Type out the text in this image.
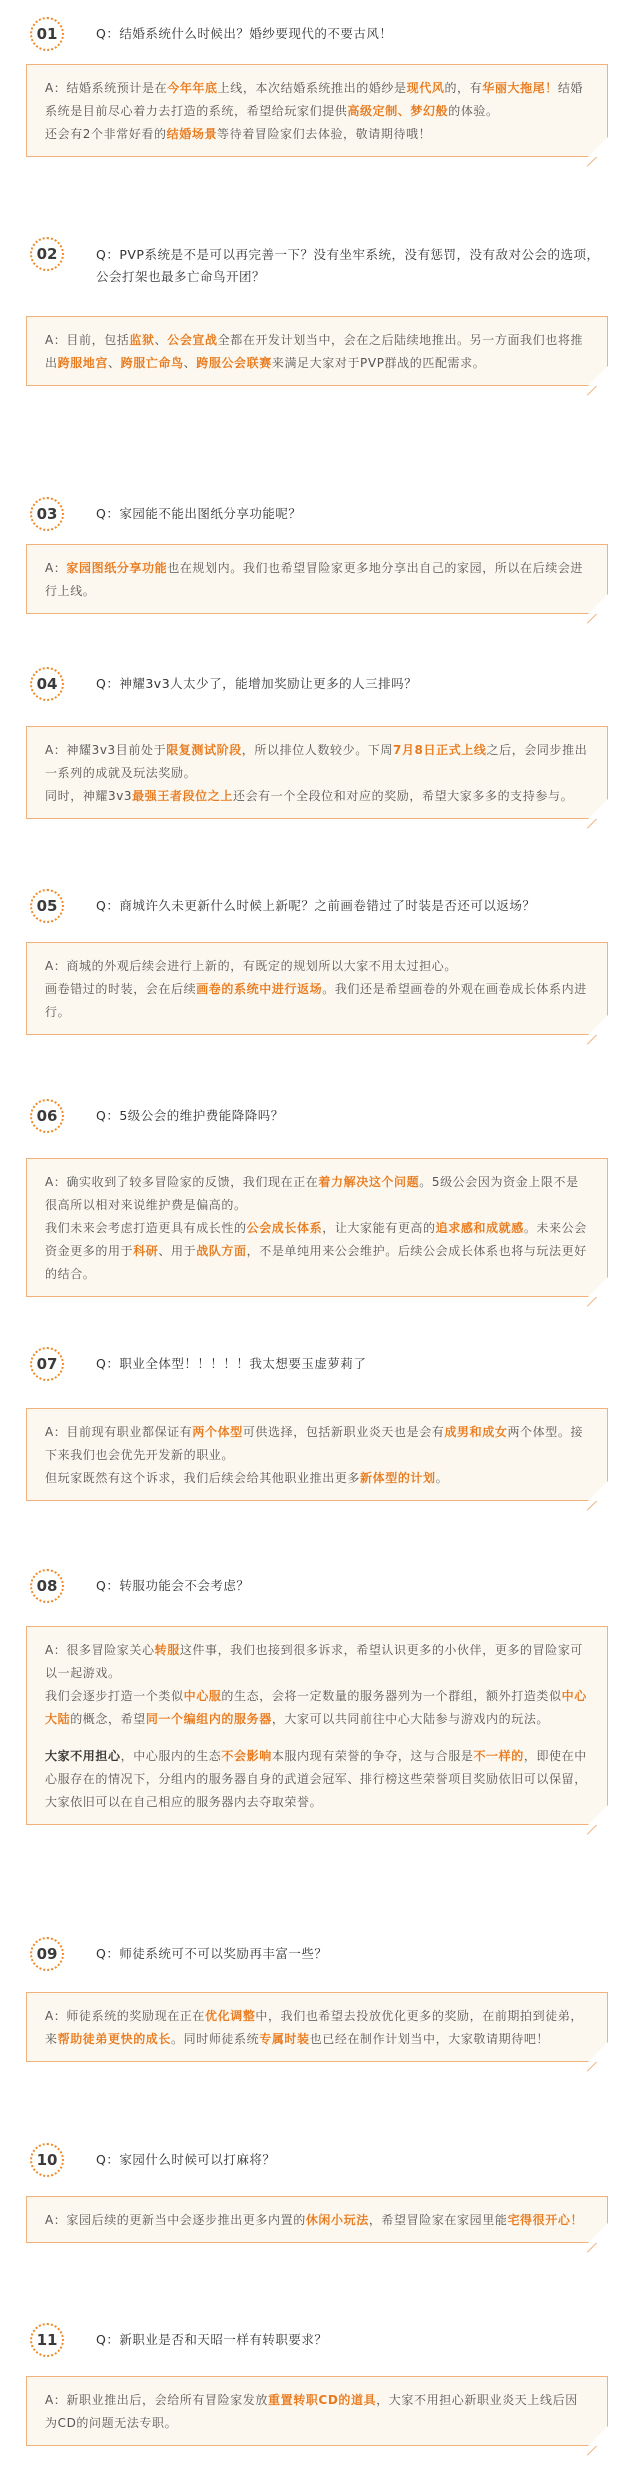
01	Q：结婚系统什么时候出？婚纱要现代的不要古风！
A：结婚系统预计是在今年年底上线，本次结婚系统推出的婚纱是现代风的，有华丽大拖尾！结婚系统是目前尽心着力去打造的系统，希望给玩家们提供高级定制、梦幻般的体验。
还会有2个非常好看的结婚场景等待着冒险家们去体验，敬请期待哦！
02	Q：PVP系统是不是可以再完善一下？没有坐牢系统，没有惩罚，没有敌对公会的选项，公会打架也最多亡命鸟开团？
A：目前，包括监狱、公会宣战全都在开发计划当中，会在之后陆续地推出。另一方面我们也将推出跨服地宫、跨服亡命鸟、跨服公会联赛来满足大家对于PVP群战的匹配需求。
03	Q：家园能不能出图纸分享功能呢？
A：家园图纸分享功能也在规划内。我们也希望冒险家更多地分享出自己的家园，所以在后续会进行上线。
04	Q：神耀3v3人太少了，能增加奖励让更多的人三排吗？
A：神耀3v3目前处于限复测试阶段，所以排位人数较少。下周7月8日正式上线之后，会同步推出一系列的成就及玩法奖励。
同时，神耀3v3最强王者段位之上还会有一个全段位和对应的奖励，希望大家多多的支持参与。
05	Q：商城许久未更新什么时候上新呢？之前画卷错过了时装是否还可以返场？
A：商城的外观后续会进行上新的，有既定的规划所以大家不用太过担心。
画卷错过的时装，会在后续画卷的系统中进行返场。我们还是希望画卷的外观在画卷成长体系内进行。
06	Q：5级公会的维护费能降降吗？
A：确实收到了较多冒险家的反馈，我们现在正在着力解决这个问题。5级公会因为资金上限不是很高所以相对来说维护费是偏高的。
我们未来会考虑打造更具有成长性的公会成长体系，让大家能有更高的追求感和成就感。未来公会资金更多的用于科研、用于战队方面，不是单纯用来公会维护。后续公会成长体系也将与玩法更好的结合。
07	Q：职业全体型！！！！！我太想要玉虚萝莉了
A：目前现有职业都保证有两个体型可供选择，包括新职业炎天也是会有成男和成女两个体型。接下来我们也会优先开发新的职业。
但玩家既然有这个诉求，我们后续会给其他职业推出更多新体型的计划。
08	Q：转服功能会不会考虑？
A：很多冒险家关心转服这件事，我们也接到很多诉求，希望认识更多的小伙伴，更多的冒险家可以一起游戏。
我们会逐步打造一个类似中心服的生态，会将一定数量的服务器列为一个群组，额外打造类似中心大陆的概念，希望同一个编组内的服务器，大家可以共同前往中心大陆参与游戏内的玩法。
大家不用担心，中心服内的生态不会影响本服内现有荣誉的争夺，这与合服是不一样的，即使在中心服存在的情况下，分组内的服务器自身的武道会冠军、排行榜这些荣誉项目奖励依旧可以保留，大家依旧可以在自己相应的服务器内去夺取荣誉。
09	Q：师徒系统可不可以奖励再丰富一些？
A：师徒系统的奖励现在正在优化调整中，我们也希望去投放优化更多的奖励，在前期拍到徒弟，来帮助徒弟更快的成长。同时师徒系统专属时装也已经在制作计划当中，大家敬请期待吧！
10	Q：家园什么时候可以打麻将？
A：家园后续的更新当中会逐步推出更多内置的休闲小玩法，希望冒险家在家园里能宅得很开心！
11	Q：新职业是否和天昭一样有转职要求？
A：新职业推出后，会给所有冒险家发放重置转职CD的道具，大家不用担心新职业炎天上线后因为CD的问题无法专职。
